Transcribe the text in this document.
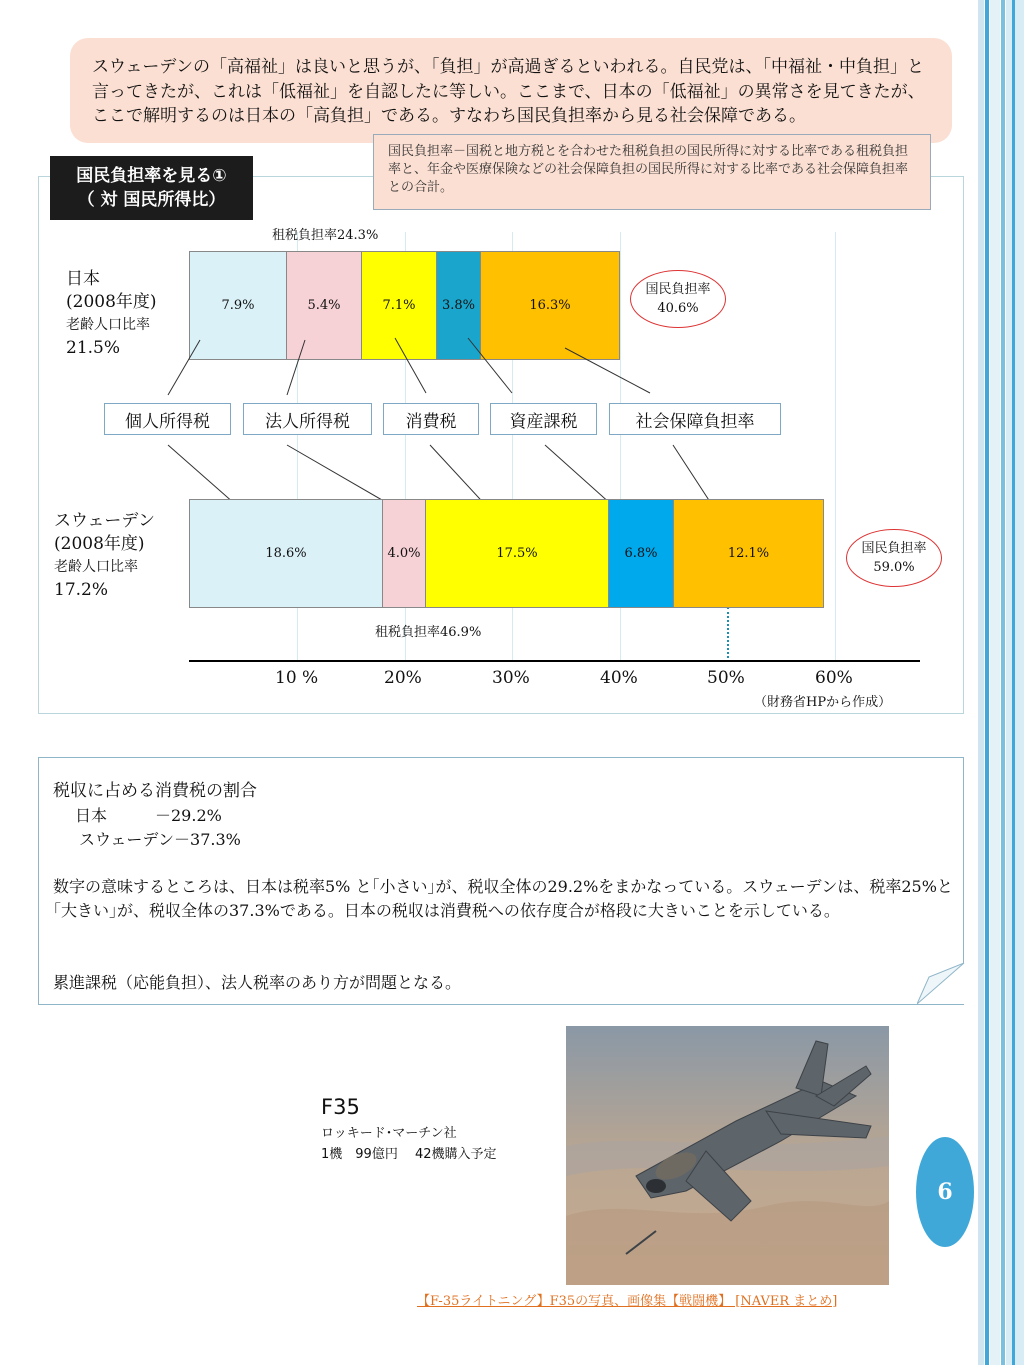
スウェーデンの「高福祉」は良いと思うが、「負担」が高過ぎるといわれる。自民党は、「中福祉・中負担」と言ってきたが、これは「低福祉」を自認したに等しい。ここまで、日本の「低福祉」の異常さを見てきたが、ここで解明するのは日本の「高負担」である。すなわち国民負担率から見る社会保障である。
国民負担率－国税と地方税とを合わせた租税負担の国民所得に対する比率である租税負担率と、年金や医療保険などの社会保障負担の国民所得に対する比率である社会保障負担率との合計。
国民負担率を見る①
（ 対 国民所得比）
租税負担率24.3%
日本
(2008年度)
老齢人口比率
21.5%
7.9%	5.4%	7.1%	3.8%	16.3%
国民負担率
40.6%
個人所得税	法人所得税	消費税	資産課税	社会保障負担率
スウェーデン
(2008年度)
老齢人口比率
17.2%
18.6%	4.0%	17.5%	6.8%	12.1%	国民負担率
59.0%
租税負担率46.9%
10 %	20%	30%	40%	50%	60%
（財務省HPから作成）
税収に占める消費税の割合
日本　　　－29.2%
スウェーデン－37.3%
数字の意味するところは、日本は税率5% と｢小さい｣が、税収全体の29.2%をまかなっている。スウェーデンは、税率25%と｢大きい｣が、税収全体の37.3%である。日本の税収は消費税への依存度合が格段に大きいことを示している。
累進課税（応能負担）、法人税率のあり方が問題となる。
F35
ロッキード･マーチン社
1機　99億円　 42機購入予定
【F-35ライトニング】F35の写真、画像集【戦闘機】 [NAVER まとめ]
6
